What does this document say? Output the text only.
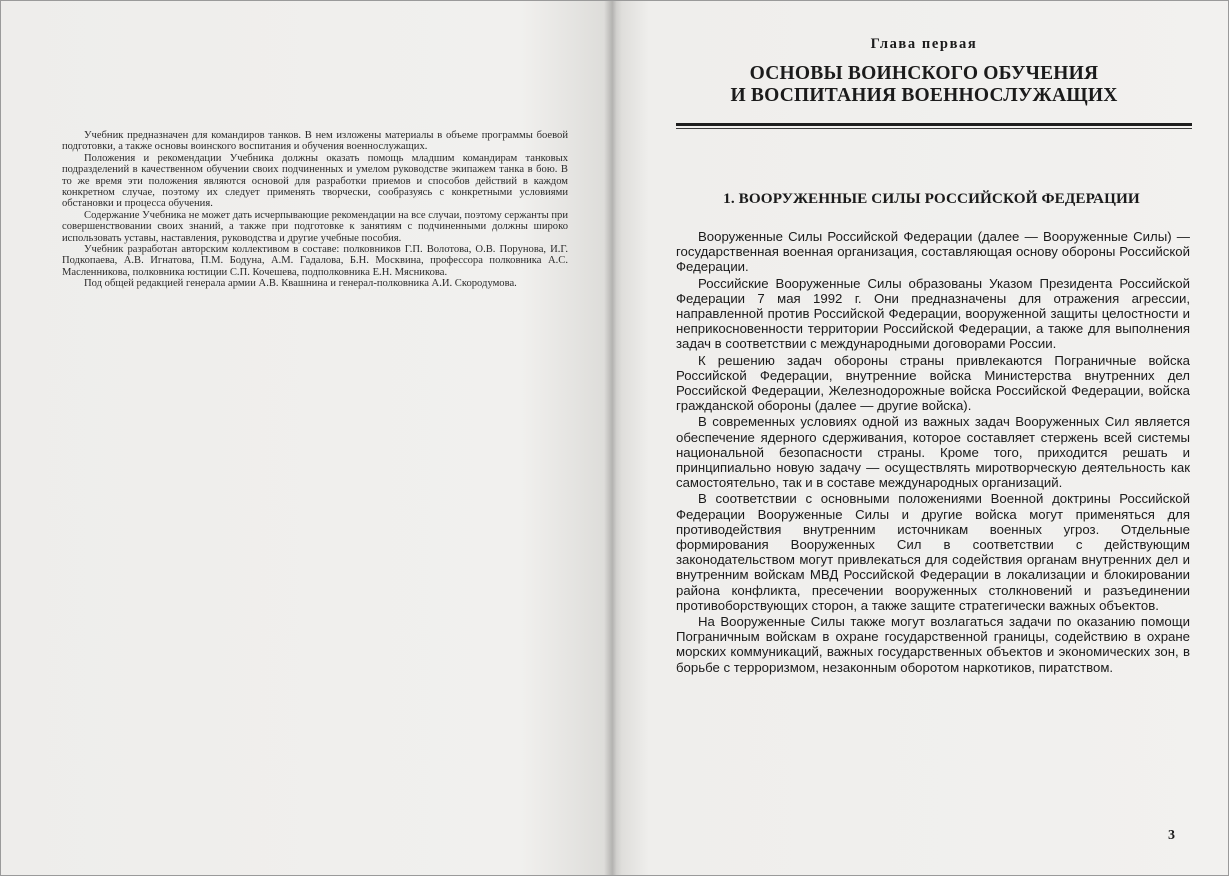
Учебник предназначен для командиров танков. В нем изложены материалы в объеме программы боевой подготовки, а также основы воинского воспитания и обучения военнослужащих.

Положения и рекомендации Учебника должны оказать помощь младшим командирам танковых подразделений в качественном обучении своих подчиненных и умелом руководстве экипажем танка в бою. В то же время эти положения являются основой для разработки приемов и способов действий в каждом конкретном случае, поэтому их следует применять творчески, сообразуясь с конкретными условиями обстановки и процесса обучения.

Содержание Учебника не может дать исчерпывающие рекомендации на все случаи, поэтому сержанты при совершенствовании своих знаний, а также при подготовке к занятиям с подчиненными должны широко использовать уставы, наставления, руководства и другие учебные пособия.

Учебник разработан авторским коллективом в составе: полковников Г.П. Волотова, О.В. Порунова, И.Г. Подкопаева, А.В. Игнатова, П.М. Бодуна, А.М. Гадалова, Б.Н. Москвина, профессора полковника А.С. Масленникова, полковника юстиции С.П. Кочешева, подполковника Е.Н. Мясникова.

Под общей редакцией генерала армии А.В. Квашнина и генерал-полковника А.И. Скородумова.

Глава первая
ОСНОВЫ ВОИНСКОГО ОБУЧЕНИЯ
И ВОСПИТАНИЯ ВОЕННОСЛУЖАЩИХ
1. ВООРУЖЕННЫЕ СИЛЫ РОССИЙСКОЙ ФЕДЕРАЦИИ

Вооруженные Силы Российской Федерации (далее — Вооруженные Силы) — государственная военная организация, составляющая основу обороны Российской Федерации.

Российские Вооруженные Силы образованы Указом Президента Российской Федерации 7 мая 1992 г. Они предназначены для отражения агрессии, направленной против Российской Федерации, вооруженной защиты целостности и неприкосновенности территории Российской Федерации, а также для выполнения задач в соответствии с международными договорами России.

К решению задач обороны страны привлекаются Пограничные войска Российской Федерации, внутренние войска Министерства внутренних дел Российской Федерации, Железнодорожные войска Российской Федерации, войска гражданской обороны (далее — другие войска).

В современных условиях одной из важных задач Вооруженных Сил является обеспечение ядерного сдерживания, которое составляет стержень всей системы национальной безопасности страны. Кроме того, приходится решать и принципиально новую задачу — осуществлять миротворческую деятельность как самостоятельно, так и в составе международных организаций.

В соответствии с основными положениями Военной доктрины Российской Федерации Вооруженные Силы и другие войска могут применяться для противодействия внутренним источникам военных угроз. Отдельные формирования Вооруженных Сил в соответствии с действующим законодательством могут привлекаться для содействия органам внутренних дел и внутренним войскам МВД Российской Федерации в локализации и блокировании района конфликта, пресечении вооруженных столкновений и разъединении противоборствующих сторон, а также защите стратегически важных объектов.

На Вооруженные Силы также могут возлагаться задачи по оказанию помощи Пограничным войскам в охране государственной границы, содействию в охране морских коммуникаций, важных государственных объектов и экономических зон, в борьбе с терроризмом, незаконным оборотом наркотиков, пиратством.

3
